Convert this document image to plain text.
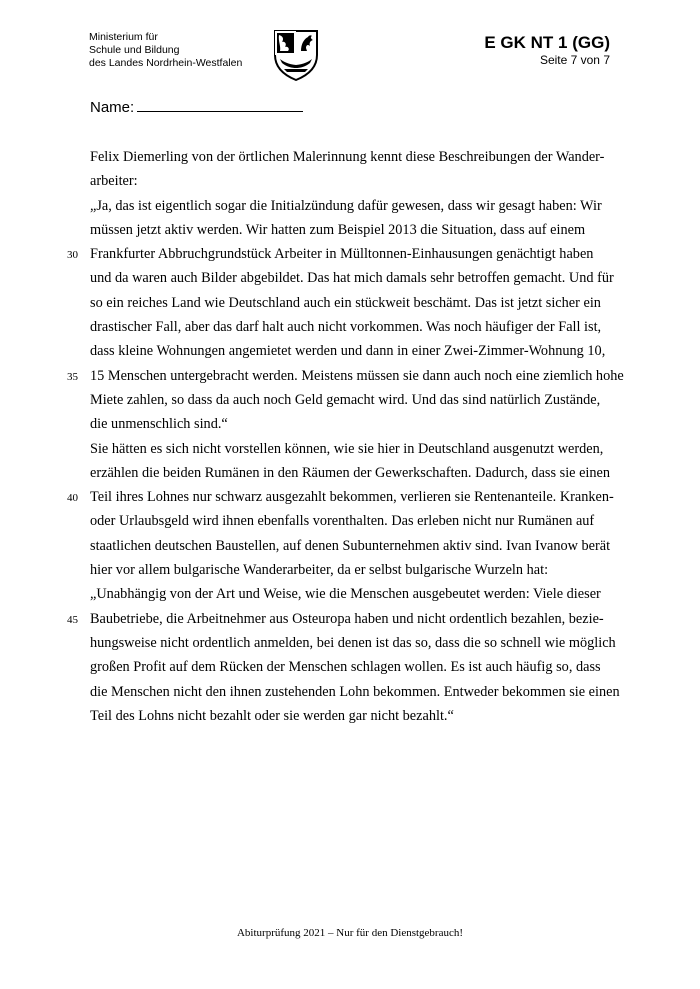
Ministerium für
Schule und Bildung
des Landes Nordrhein-Westfalen
E GK NT 1 (GG)
Seite 7 von 7
Name:
Felix Diemerling von der örtlichen Malerinnung kennt diese Beschreibungen der Wander-
arbeiter:
„Ja, das ist eigentlich sogar die Initialzündung dafür gewesen, dass wir gesagt haben: Wir
müssen jetzt aktiv werden. Wir hatten zum Beispiel 2013 die Situation, dass auf einem
30 Frankfurter Abbruchgrundstück Arbeiter in Mülltonnen-Einhausungen genächtigt haben
und da waren auch Bilder abgebildet. Das hat mich damals sehr betroffen gemacht. Und für
so ein reiches Land wie Deutschland auch ein stückweit beschämt. Das ist jetzt sicher ein
drastischer Fall, aber das darf halt auch nicht vorkommen. Was noch häufiger der Fall ist,
dass kleine Wohnungen angemietet werden und dann in einer Zwei-Zimmer-Wohnung 10,
35 15 Menschen untergebracht werden. Meistens müssen sie dann auch noch eine ziemlich hohe
Miete zahlen, so dass da auch noch Geld gemacht wird. Und das sind natürlich Zustände,
die unmenschlich sind.“
Sie hätten es sich nicht vorstellen können, wie sie hier in Deutschland ausgenutzt werden,
erzählen die beiden Rumänen in den Räumen der Gewerkschaften. Dadurch, dass sie einen
40 Teil ihres Lohnes nur schwarz ausgezahlt bekommen, verlieren sie Rentenanteile. Kranken-
oder Urlaubsgeld wird ihnen ebenfalls vorenthalten. Das erleben nicht nur Rumänen auf
staatlichen deutschen Baustellen, auf denen Subunternehmen aktiv sind. Ivan Ivanow berät
hier vor allem bulgarische Wanderarbeiter, da er selbst bulgarische Wurzeln hat:
„Unabhängig von der Art und Weise, wie die Menschen ausgebeutet werden: Viele dieser
45 Baubetriebe, die Arbeitnehmer aus Osteuropa haben und nicht ordentlich bezahlen, bezie-
hungsweise nicht ordentlich anmelden, bei denen ist das so, dass die so schnell wie möglich
großen Profit auf dem Rücken der Menschen schlagen wollen. Es ist auch häufig so, dass
die Menschen nicht den ihnen zustehenden Lohn bekommen. Entweder bekommen sie einen
Teil des Lohns nicht bezahlt oder sie werden gar nicht bezahlt.“
Abiturprüfung 2021 – Nur für den Dienstgebrauch!
